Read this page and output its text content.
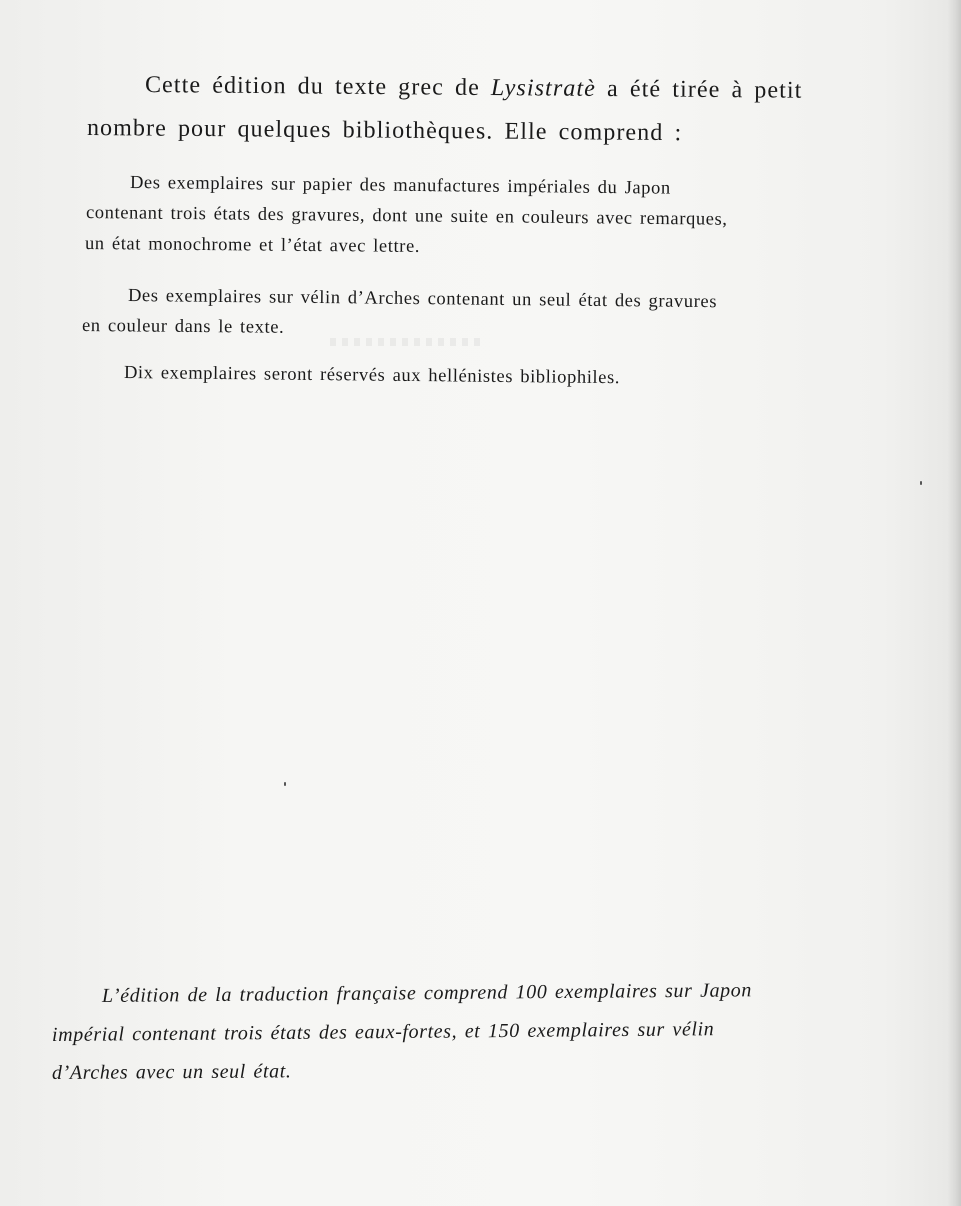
Cette édition du texte grec de Lysistratè a été tirée à petit
nombre pour quelques bibliothèques. Elle comprend :
Des exemplaires sur papier des manufactures impériales du Japon
contenant trois états des gravures, dont une suite en couleurs avec remarques,
un état monochrome et l’état avec lettre.
Des exemplaires sur vélin d’Arches contenant un seul état des gravures
en couleur dans le texte.
Dix exemplaires seront réservés aux hellénistes bibliophiles.
L’édition de la traduction française comprend 100 exemplaires sur Japon
impérial contenant trois états des eaux-fortes, et 150 exemplaires sur vélin
d’Arches avec un seul état.
